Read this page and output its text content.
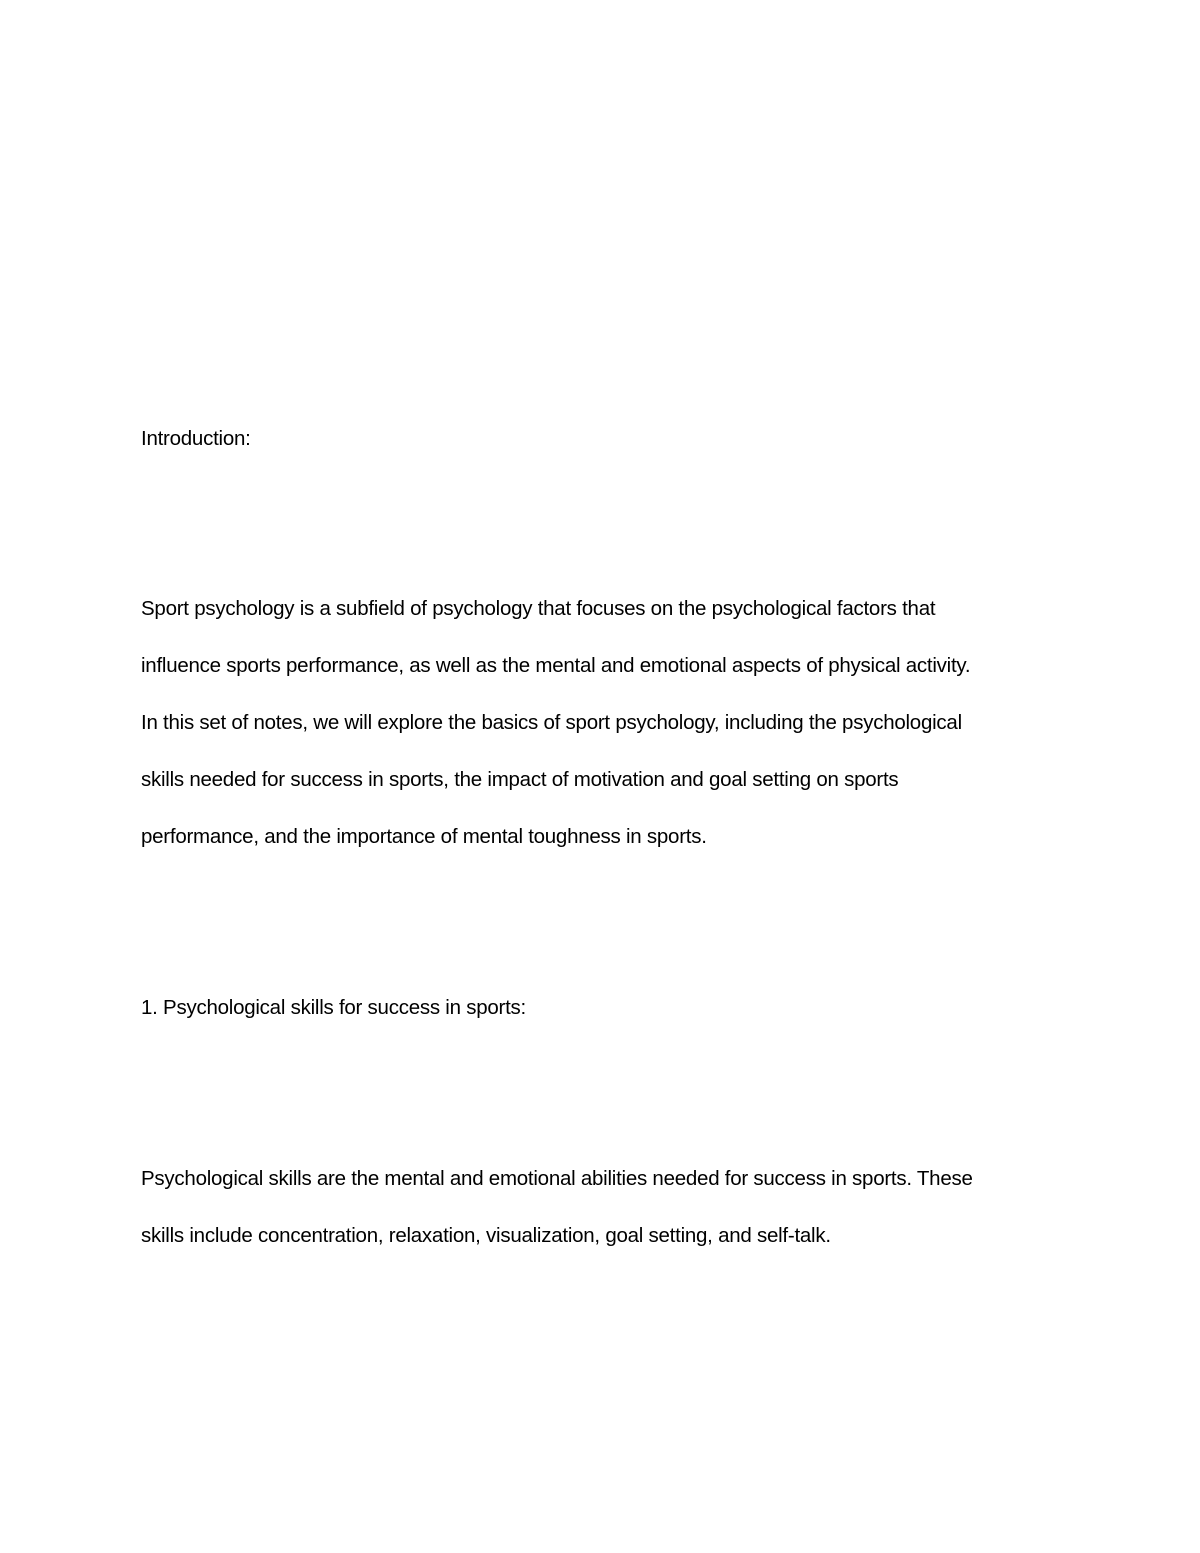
Introduction:
Sport psychology is a subfield of psychology that focuses on the psychological factors that
influence sports performance, as well as the mental and emotional aspects of physical activity.
In this set of notes, we will explore the basics of sport psychology, including the psychological
skills needed for success in sports, the impact of motivation and goal setting on sports
performance, and the importance of mental toughness in sports.
1. Psychological skills for success in sports:
Psychological skills are the mental and emotional abilities needed for success in sports. These
skills include concentration, relaxation, visualization, goal setting, and self-talk.
